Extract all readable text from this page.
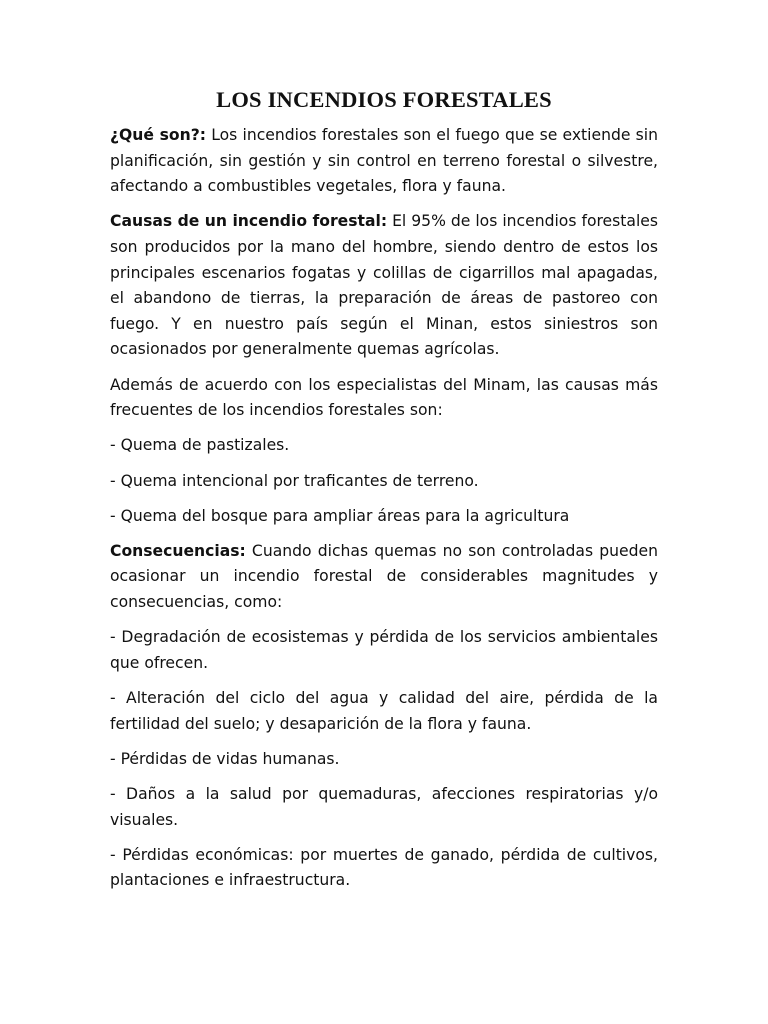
LOS INCENDIOS FORESTALES

¿Qué son?: Los incendios forestales son el fuego que se extiende sin planificación, sin gestión y sin control en terreno forestal o silvestre, afectando a combustibles vegetales, flora y fauna.

Causas de un incendio forestal: El 95% de los incendios forestales son producidos por la mano del hombre, siendo dentro de estos los principales escenarios fogatas y colillas de cigarrillos mal apagadas, el abandono de tierras, la preparación de áreas de pastoreo con fuego. Y en nuestro país según el Minan, estos siniestros son ocasionados por generalmente quemas agrícolas.

Además de acuerdo con los especialistas del Minam, las causas más frecuentes de los incendios forestales son:

- Quema de pastizales.

- Quema intencional por traficantes de terreno.

- Quema del bosque para ampliar áreas para la agricultura

Consecuencias: Cuando dichas quemas no son controladas pueden ocasionar un incendio forestal de considerables magnitudes y consecuencias, como:

- Degradación de ecosistemas y pérdida de los servicios ambientales que ofrecen.

- Alteración del ciclo del agua y calidad del aire, pérdida de la fertilidad del suelo; y desaparición de la flora y fauna.

- Pérdidas de vidas humanas.

- Daños a la salud por quemaduras, afecciones respiratorias y/o visuales.

- Pérdidas económicas: por muertes de ganado, pérdida de cultivos, plantaciones e infraestructura.
